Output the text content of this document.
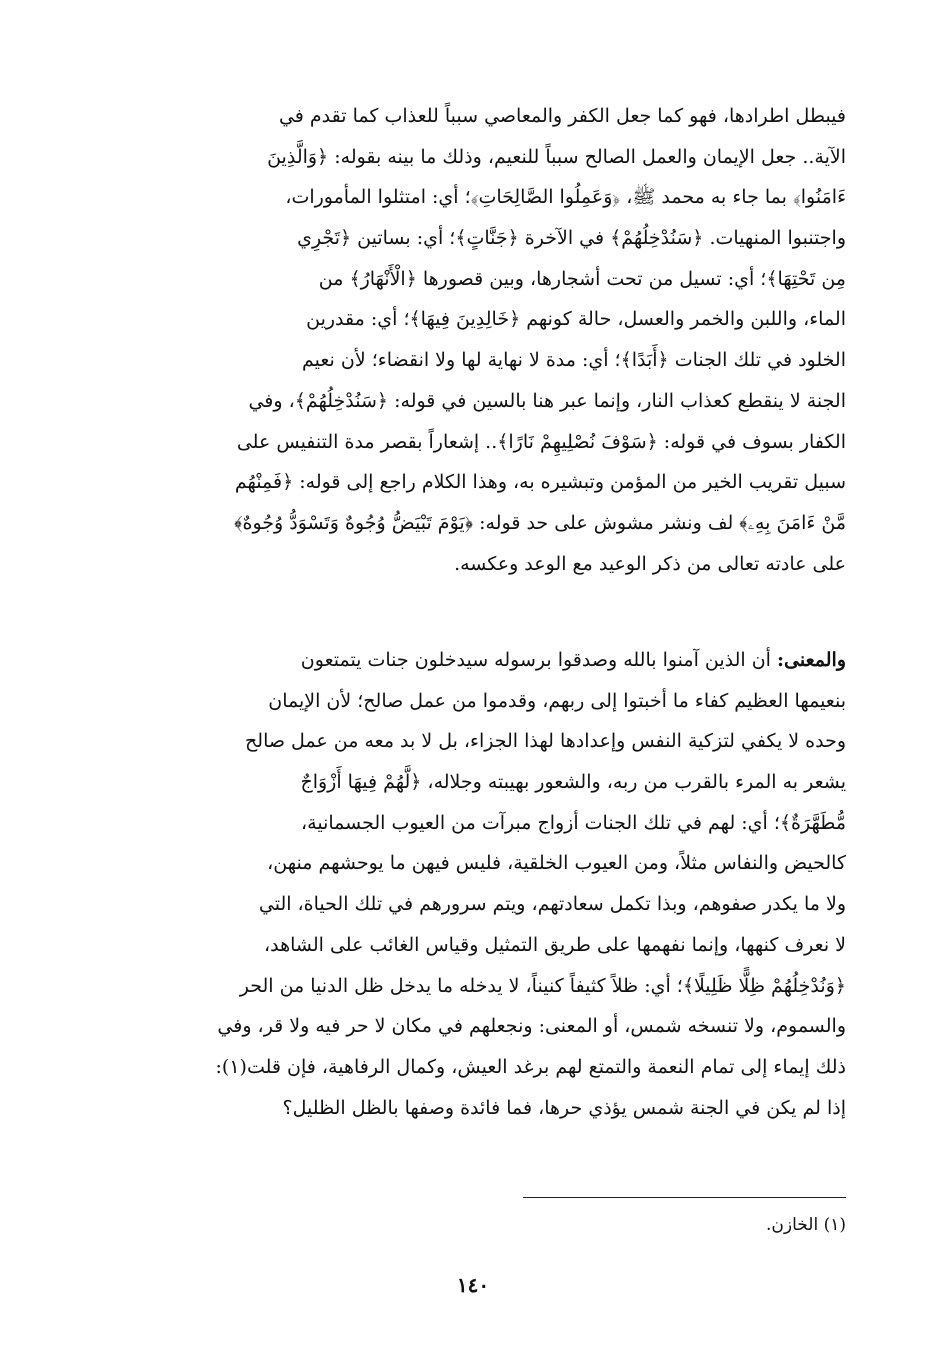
فيبطل اطرادها، فهو كما جعل الكفر والمعاصي سبباً للعذاب كما تقدم في
الآية.. جعل الإيمان والعمل الصالح سبباً للنعيم، وذلك ما بينه بقوله: ﴿وَالَّذِينَ
ءَامَنُوا﴾ بما جاء به محمد ﷺ، ﴿وَعَمِلُوا الصَّالِحَاتِ﴾؛ أي: امتثلوا المأمورات،
واجتنبوا المنهيات. ﴿سَنُدْخِلُهُمْ﴾ في الآخرة ﴿جَنَّاتٍ﴾؛ أي: بساتين ﴿تَجْرِي
مِن تَحْتِهَا﴾؛ أي: تسيل من تحت أشجارها، وبين قصورها ﴿الْأَنْهَارُ﴾ من
الماء، واللبن والخمر والعسل، حالة كونهم ﴿خَالِدِينَ فِيهَا﴾؛ أي: مقدرين
الخلود في تلك الجنات ﴿أَبَدًا﴾؛ أي: مدة لا نهاية لها ولا انقضاء؛ لأن نعيم
الجنة لا ينقطع كعذاب النار، وإنما عبر هنا بالسين في قوله: ﴿سَنُدْخِلُهُمْ﴾، وفي
الكفار بسوف في قوله: ﴿سَوْفَ نُصْلِيهِمْ نَارًا﴾.. إشعاراً بقصر مدة التنفيس على
سبيل تقريب الخير من المؤمن وتبشيره به، وهذا الكلام راجع إلى قوله: ﴿فَمِنْهُم
مَّنْ ءَامَنَ بِهِۦ﴾ لف ونشر مشوش على حد قوله: ﴿يَوْمَ تَبْيَضُّ وُجُوهٌ وَتَسْوَدُّ وُجُوهٌ﴾
على عادته تعالى من ذكر الوعيد مع الوعد وعكسه.
والمعنى: أن الذين آمنوا بالله وصدقوا برسوله سيدخلون جنات يتمتعون
بنعيمها العظيم كفاء ما أخبتوا إلى ربهم، وقدموا من عمل صالح؛ لأن الإيمان
وحده لا يكفي لتزكية النفس وإعدادها لهذا الجزاء، بل لا بد معه من عمل صالح
يشعر به المرء بالقرب من ربه، والشعور بهيبته وجلاله، ﴿لَّهُمْ فِيهَا أَزْوَاجٌ
مُّطَهَّرَةٌ﴾؛ أي: لهم في تلك الجنات أزواج مبرآت من العيوب الجسمانية،
كالحيض والنفاس مثلاً، ومن العيوب الخلقية، فليس فيهن ما يوحشهم منهن،
ولا ما يكدر صفوهم، وبذا تكمل سعادتهم، ويتم سرورهم في تلك الحياة، التي
لا نعرف كنهها، وإنما نفهمها على طريق التمثيل وقياس الغائب على الشاهد،
﴿وَنُدْخِلُهُمْ ظِلًّا ظَلِيلًا﴾؛ أي: ظلاً كثيفاً كنيناً، لا يدخله ما يدخل ظل الدنيا من الحر
والسموم، ولا تنسخه شمس، أو المعنى: ونجعلهم في مكان لا حر فيه ولا قر، وفي
ذلك إيماء إلى تمام النعمة والتمتع لهم برغد العيش، وكمال الرفاهية، فإن قلت(١):
إذا لم يكن في الجنة شمس يؤذي حرها، فما فائدة وصفها بالظل الظليل؟
(١) الخازن.
١٤٠
